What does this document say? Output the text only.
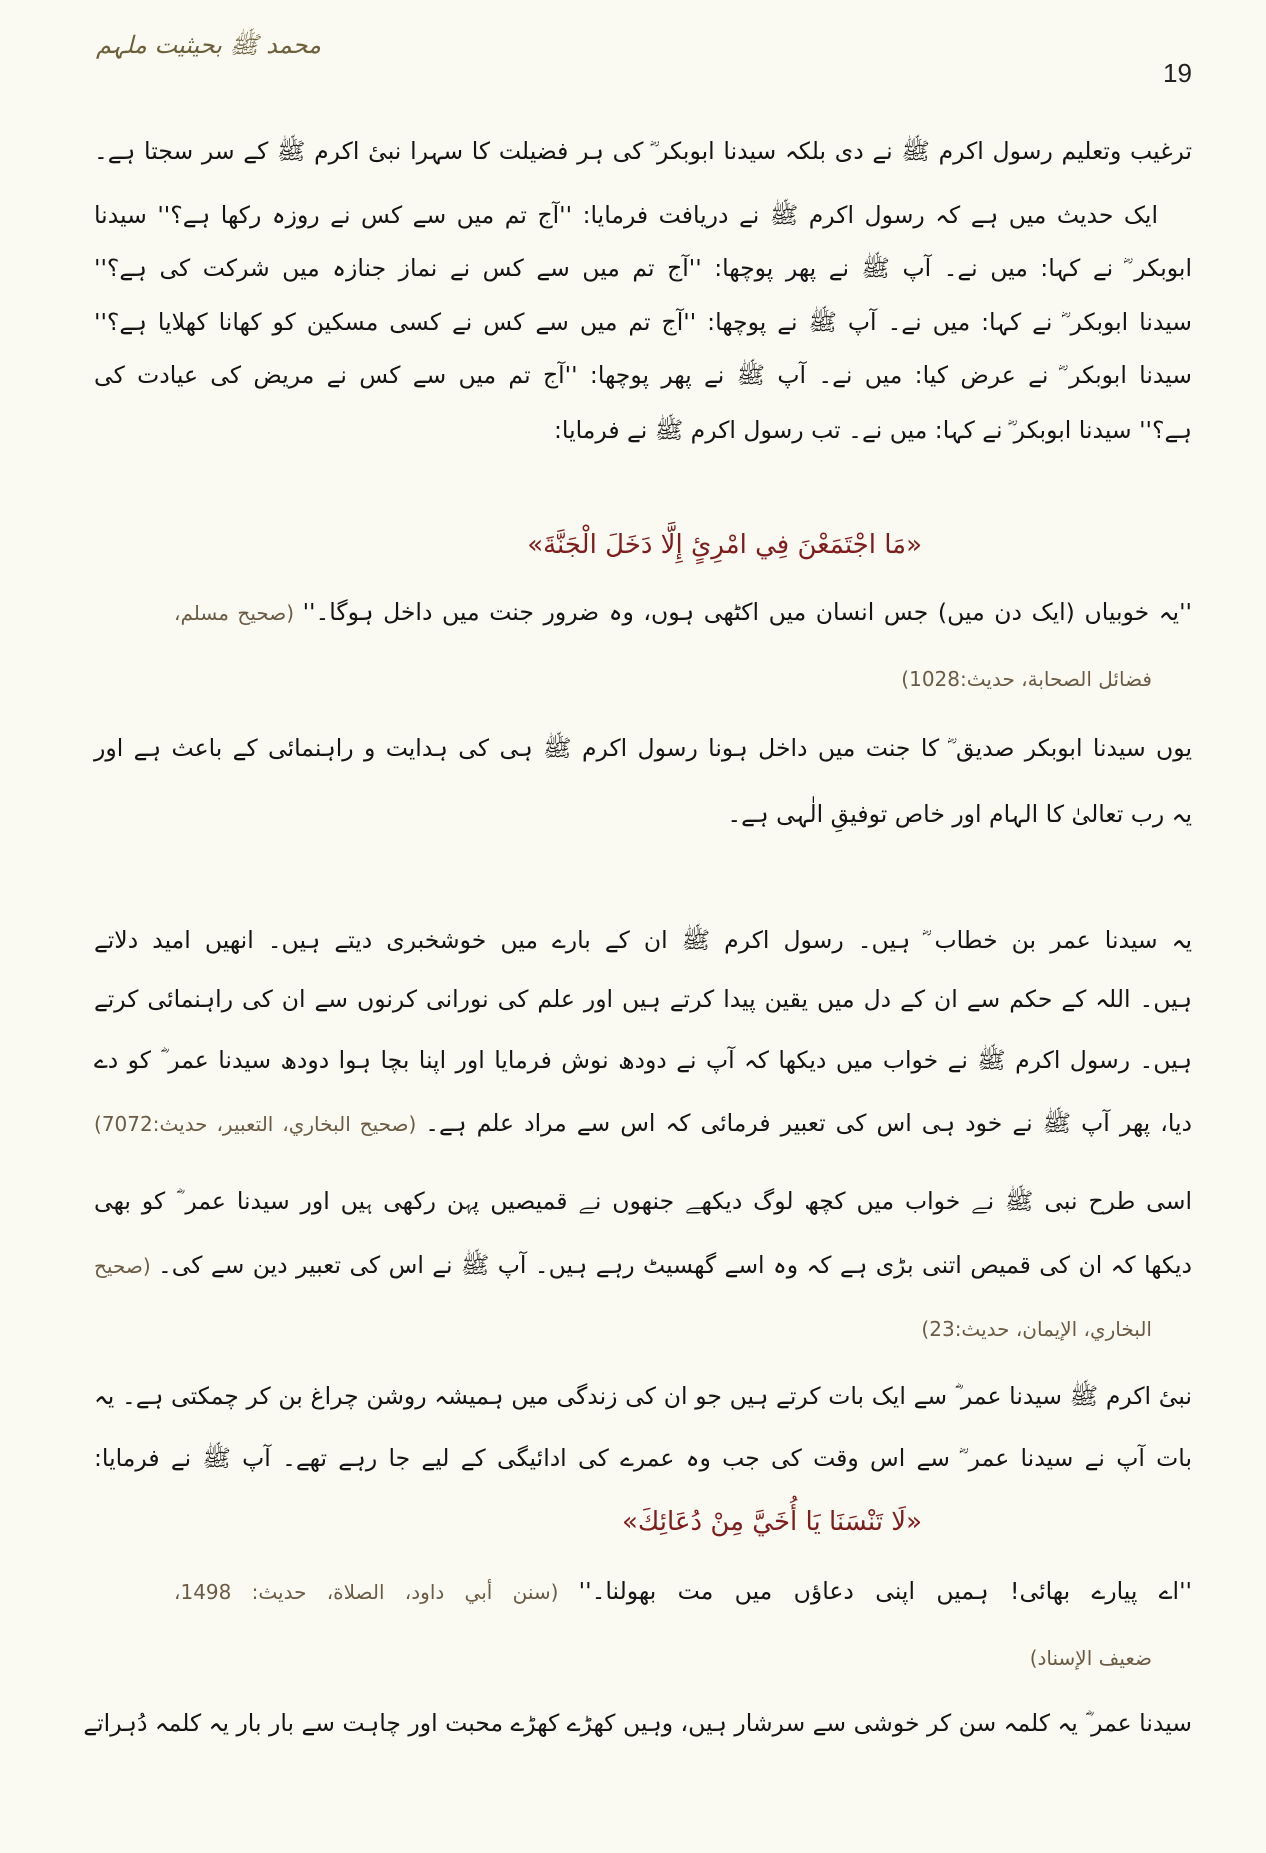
محمد ﷺ بحیثیت ملہم
19
ترغیب وتعلیم رسول اکرم ﷺ نے دی بلکہ سیدنا ابوبکر ؓ کی ہر فضیلت کا سہرا نبیٔ اکرم ﷺ کے سر سجتا ہے۔
ایک حدیث میں ہے کہ رسول اکرم ﷺ نے دریافت فرمایا: ''آج تم میں سے کس نے روزہ رکھا ہے؟'' سیدنا
ابوبکر ؓ نے کہا: میں نے۔ آپ ﷺ نے پھر پوچھا: ''آج تم میں سے کس نے نماز جنازہ میں شرکت کی ہے؟''
سیدنا ابوبکر ؓ نے کہا: میں نے۔ آپ ﷺ نے پوچھا: ''آج تم میں سے کس نے کسی مسکین کو کھانا کھلایا ہے؟''
سیدنا ابوبکر ؓ نے عرض کیا: میں نے۔ آپ ﷺ نے پھر پوچھا: ''آج تم میں سے کس نے مریض کی عیادت کی
ہے؟'' سیدنا ابوبکر ؓ نے کہا: میں نے۔ تب رسول اکرم ﷺ نے فرمایا:
«مَا اجْتَمَعْنَ فِي امْرِئٍ إِلَّا دَخَلَ الْجَنَّةَ»
''یہ خوبیاں (ایک دن میں) جس انسان میں اکٹھی ہوں، وہ ضرور جنت میں داخل ہوگا۔'' (صحيح مسلم،
فضائل الصحابة، حديث:1028)
یوں سیدنا ابوبکر صدیق ؓ کا جنت میں داخل ہونا رسول اکرم ﷺ ہی کی ہدایت و راہنمائی کے باعث ہے اور
یہ رب تعالیٰ کا الہام اور خاص توفیقِ الٰہی ہے۔
یہ سیدنا عمر بن خطاب ؓ ہیں۔ رسول اکرم ﷺ ان کے بارے میں خوشخبری دیتے ہیں۔ انھیں امید دلاتے
ہیں۔ اللہ کے حکم سے ان کے دل میں یقین پیدا کرتے ہیں اور علم کی نورانی کرنوں سے ان کی راہنمائی کرتے
ہیں۔ رسول اکرم ﷺ نے خواب میں دیکھا کہ آپ نے دودھ نوش فرمایا اور اپنا بچا ہوا دودھ سیدنا عمر ؓ کو دے
دیا، پھر آپ ﷺ نے خود ہی اس کی تعبیر فرمائی کہ اس سے مراد علم ہے۔ (صحيح البخاري، التعبير، حديث:7072)
اسی طرح نبی ﷺ نے خواب میں کچھ لوگ دیکھے جنھوں نے قمیصیں پہن رکھی ہیں اور سیدنا عمر ؓ کو بھی
دیکھا کہ ان کی قمیص اتنی بڑی ہے کہ وہ اسے گھسیٹ رہے ہیں۔ آپ ﷺ نے اس کی تعبیر دین سے کی۔ (صحيح
البخاري، الإيمان، حديث:23)
نبیٔ اکرم ﷺ سیدنا عمر ؓ سے ایک بات کرتے ہیں جو ان کی زندگی میں ہمیشہ روشن چراغ بن کر چمکتی ہے۔ یہ
بات آپ نے سیدنا عمر ؓ سے اس وقت کی جب وہ عمرے کی ادائیگی کے لیے جا رہے تھے۔ آپ ﷺ نے فرمایا:
«لَا تَنْسَنَا يَا أُخَيَّ مِنْ دُعَائِكَ»
''اے پیارے بھائی! ہمیں اپنی دعاؤں میں مت بھولنا۔'' (سنن أبي داود، الصلاة، حديث: 1498،
ضعيف الإسناد)
سیدنا عمر ؓ یہ کلمہ سن کر خوشی سے سرشار ہیں، وہیں کھڑے کھڑے محبت اور چاہت سے بار بار یہ کلمہ دُہراتے
